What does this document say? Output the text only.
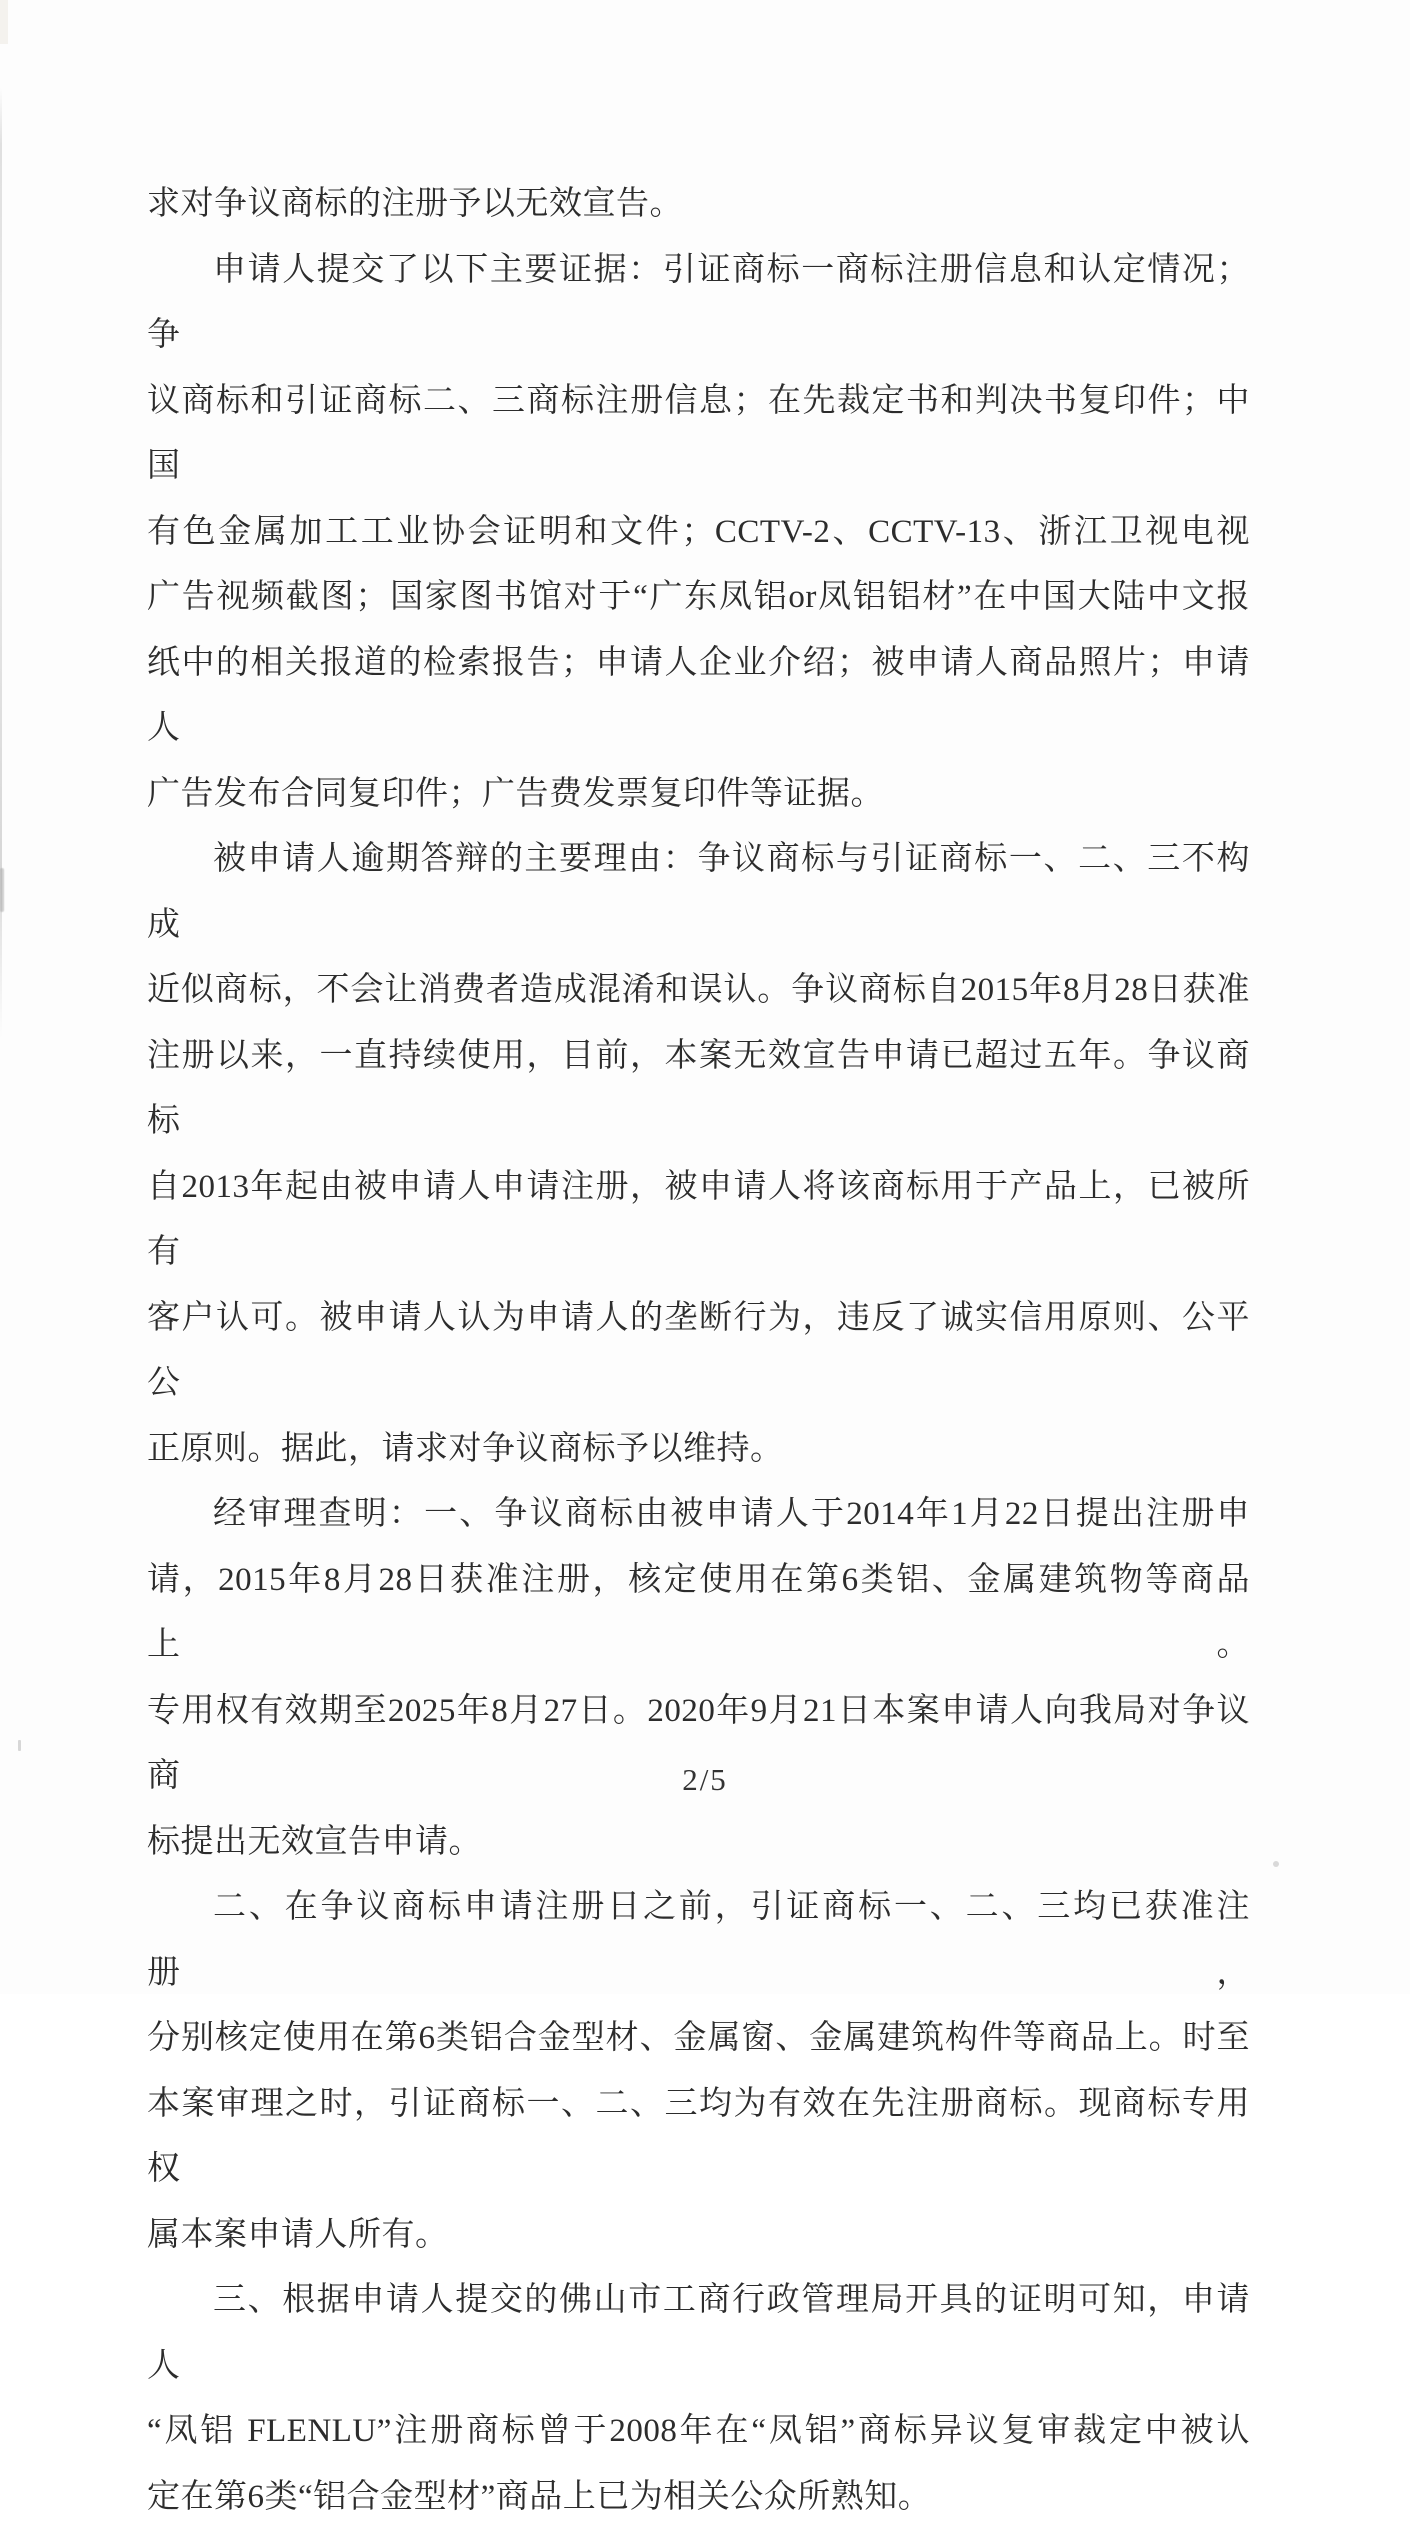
求对争议商标的注册予以无效宣告。

申请人提交了以下主要证据：引证商标一商标注册信息和认定情况；争
议商标和引证商标二、三商标注册信息；在先裁定书和判决书复印件；中国
有色金属加工工业协会证明和文件；CCTV-2、CCTV-13、浙江卫视电视
广告视频截图；国家图书馆对于“广东凤铝or凤铝铝材”在中国大陆中文报
纸中的相关报道的检索报告；申请人企业介绍；被申请人商品照片；申请人
广告发布合同复印件；广告费发票复印件等证据。

被申请人逾期答辩的主要理由：争议商标与引证商标一、二、三不构成
近似商标，不会让消费者造成混淆和误认。争议商标自2015年8月28日获准
注册以来，一直持续使用，目前，本案无效宣告申请已超过五年。争议商标
自2013年起由被申请人申请注册，被申请人将该商标用于产品上，已被所有
客户认可。被申请人认为申请人的垄断行为，违反了诚实信用原则、公平公
正原则。据此，请求对争议商标予以维持。

经审理查明：一、争议商标由被申请人于2014年1月22日提出注册申
请，2015年8月28日获准注册，核定使用在第6类铝、金属建筑物等商品上。
专用权有效期至2025年8月27日。2020年9月21日本案申请人向我局对争议商
标提出无效宣告申请。

二、在争议商标申请注册日之前，引证商标一、二、三均已获准注册，
分别核定使用在第6类铝合金型材、金属窗、金属建筑构件等商品上。时至
本案审理之时，引证商标一、二、三均为有效在先注册商标。现商标专用权
属本案申请人所有。

三、根据申请人提交的佛山市工商行政管理局开具的证明可知，申请人
“凤铝 FLENLU”注册商标曾于2008年在“凤铝”商标异议复审裁定中被认
定在第6类“铝合金型材”商品上已为相关公众所熟知。

2/5
